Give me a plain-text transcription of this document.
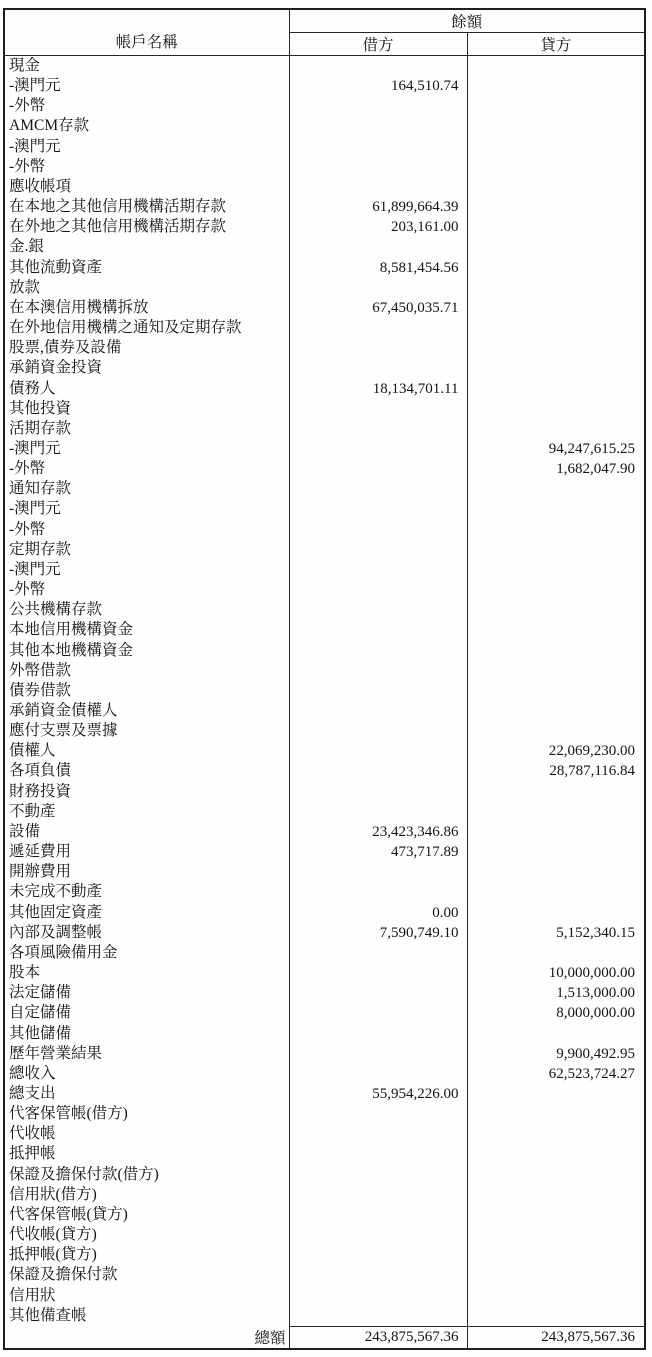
帳戶名稱	餘額	
	借方	貸方
現金		
-澳門元	164,510.74	
-外幣		
AMCM存款		
-澳門元		
-外幣		
應收帳項		
在本地之其他信用機構活期存款	61,899,664.39	
在外地之其他信用機構活期存款	203,161.00	
金.銀		
其他流動資產	8,581,454.56	
放款		
在本澳信用機構拆放	67,450,035.71	
在外地信用機構之通知及定期存款		
股票,債券及設備		
承銷資金投資		
債務人	18,134,701.11	
其他投資		
活期存款		
-澳門元		94,247,615.25
-外幣		1,682,047.90
通知存款		
-澳門元		
-外幣		
定期存款		
-澳門元		
-外幣		
公共機構存款		
本地信用機構資金		
其他本地機構資金		
外幣借款		
債券借款		
承銷資金債權人		
應付支票及票據		
債權人		22,069,230.00
各項負債		28,787,116.84
財務投資		
不動產		
設備	23,423,346.86	
遞延費用	473,717.89	
開辦費用		
未完成不動產		
其他固定資產	0.00	
內部及調整帳	7,590,749.10	5,152,340.15
各項風險備用金		
股本		10,000,000.00
法定儲備		1,513,000.00
自定儲備		8,000,000.00
其他儲備		
歷年營業結果		9,900,492.95
總收入		62,523,724.27
總支出	55,954,226.00	
代客保管帳(借方)		
代收帳		
抵押帳		
保證及擔保付款(借方)		
信用狀(借方)		
代客保管帳(貸方)		
代收帳(貸方)		
抵押帳(貸方)		
保證及擔保付款		
信用狀		
其他備查帳		
總額	243,875,567.36	243,875,567.36
